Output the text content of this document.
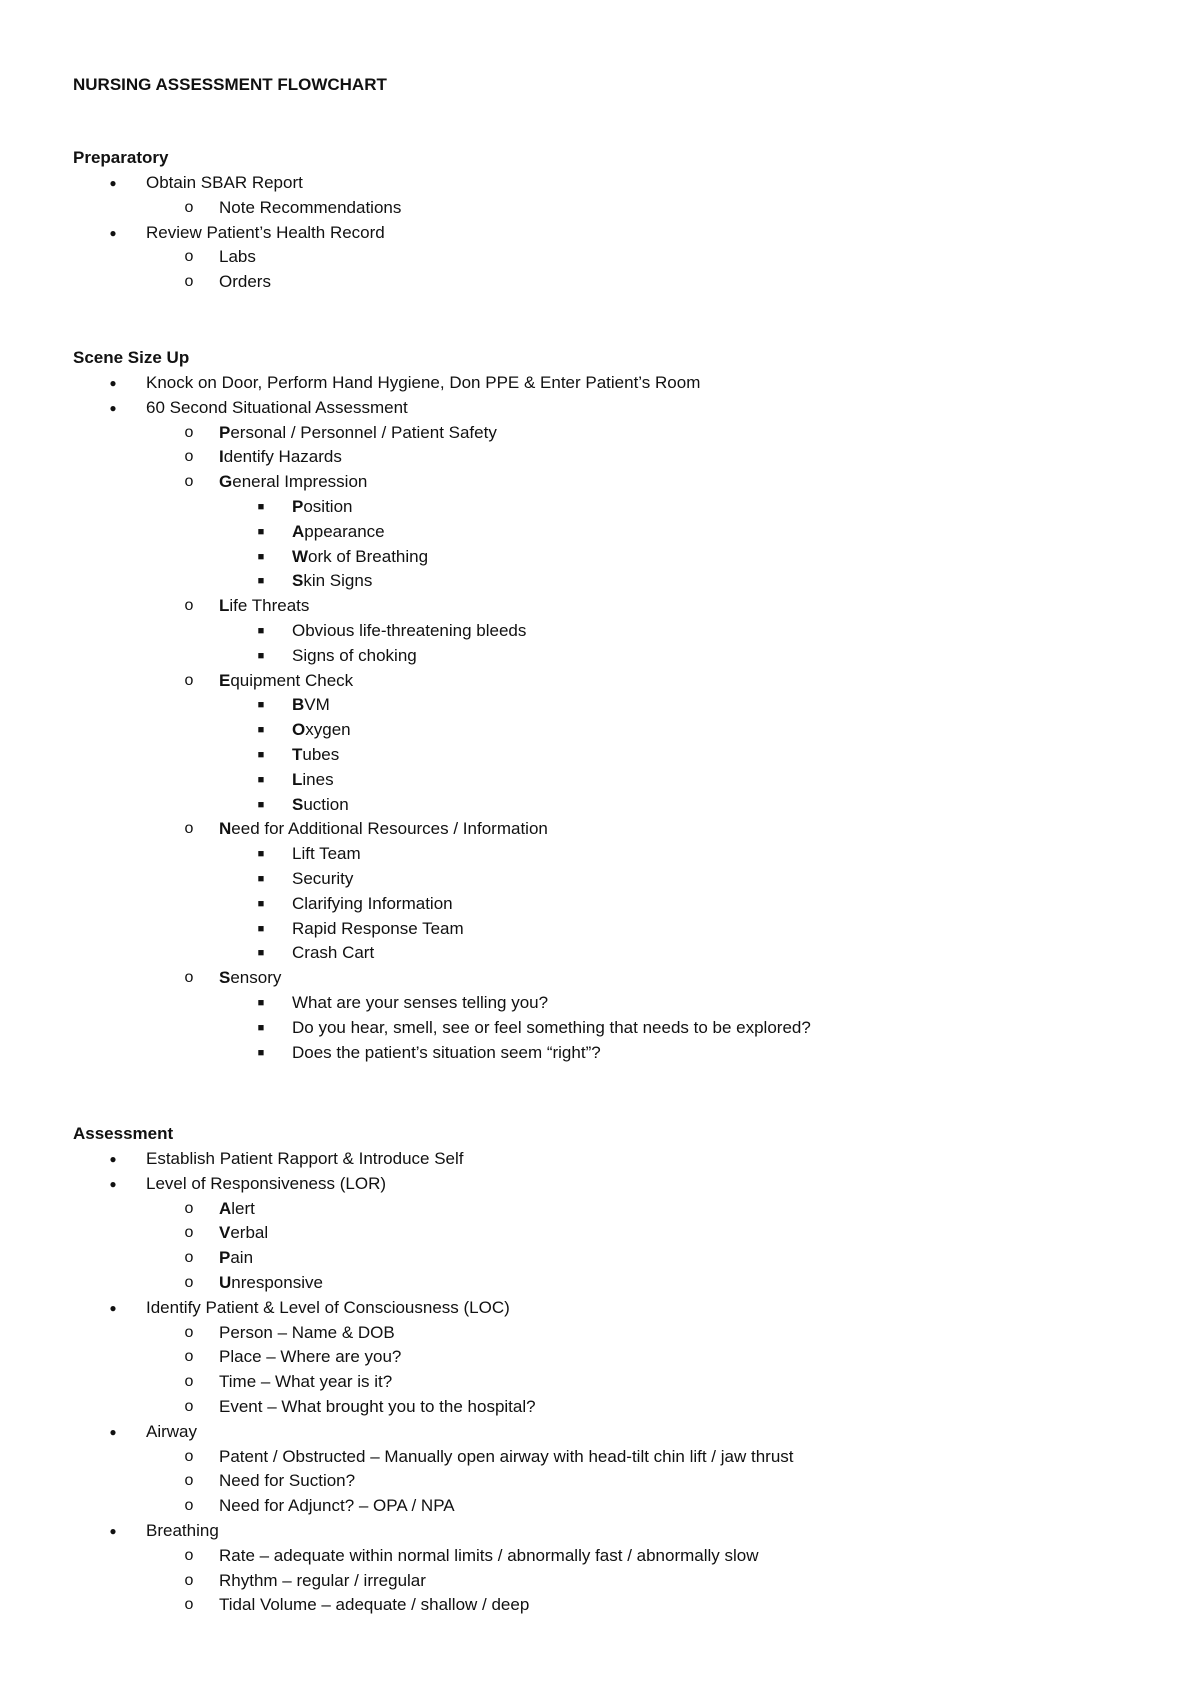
NURSING ASSESSMENT FLOWCHART
Preparatory
● Obtain SBAR Report
o Note Recommendations
● Review Patient’s Health Record
o Labs
o Orders
Scene Size Up
● Knock on Door, Perform Hand Hygiene, Don PPE & Enter Patient’s Room
● 60 Second Situational Assessment
o Personal / Personnel / Patient Safety
o Identify Hazards
o General Impression
■ Position
■ Appearance
■ Work of Breathing
■ Skin Signs
o Life Threats
■ Obvious life-threatening bleeds
■ Signs of choking
o Equipment Check
■ BVM
■ Oxygen
■ Tubes
■ Lines
■ Suction
o Need for Additional Resources / Information
■ Lift Team
■ Security
■ Clarifying Information
■ Rapid Response Team
■ Crash Cart
o Sensory
■ What are your senses telling you?
■ Do you hear, smell, see or feel something that needs to be explored?
■ Does the patient’s situation seem “right”?
Assessment
● Establish Patient Rapport & Introduce Self
● Level of Responsiveness (LOR)
o Alert
o Verbal
o Pain
o Unresponsive
● Identify Patient & Level of Consciousness (LOC)
o Person – Name & DOB
o Place – Where are you?
o Time – What year is it?
o Event – What brought you to the hospital?
● Airway
o Patent / Obstructed – Manually open airway with head-tilt chin lift / jaw thrust
o Need for Suction?
o Need for Adjunct? – OPA / NPA
● Breathing
o Rate – adequate within normal limits / abnormally fast / abnormally slow
o Rhythm – regular / irregular
o Tidal Volume – adequate / shallow / deep
